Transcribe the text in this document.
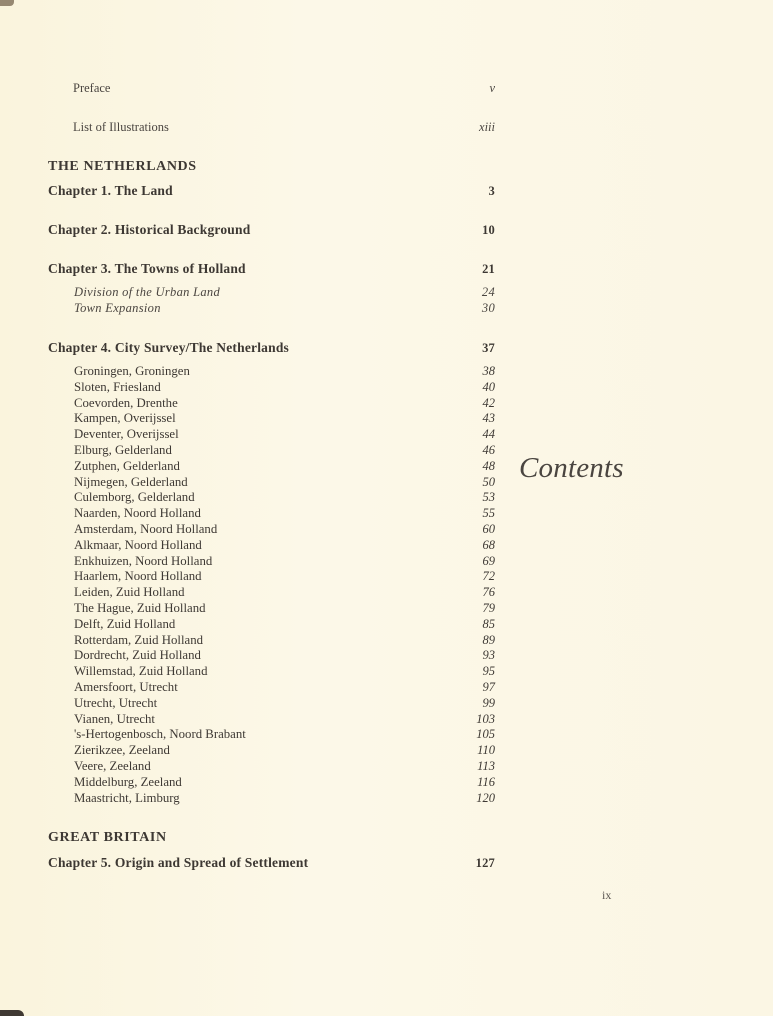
Preface	v
List of Illustrations	xiii
THE NETHERLANDS
Chapter 1. The Land	3
Chapter 2. Historical Background	10
Chapter 3. The Towns of Holland	21
Division of the Urban Land	24
Town Expansion	30
Chapter 4. City Survey/The Netherlands	37
Groningen, Groningen	38
Sloten, Friesland	40
Coevorden, Drenthe	42
Kampen, Overijssel	43
Deventer, Overijssel	44
Elburg, Gelderland	46
Zutphen, Gelderland	48
Nijmegen, Gelderland	50
Culemborg, Gelderland	53
Naarden, Noord Holland	55
Amsterdam, Noord Holland	60
Alkmaar, Noord Holland	68
Enkhuizen, Noord Holland	69
Haarlem, Noord Holland	72
Leiden, Zuid Holland	76
The Hague, Zuid Holland	79
Delft, Zuid Holland	85
Rotterdam, Zuid Holland	89
Dordrecht, Zuid Holland	93
Willemstad, Zuid Holland	95
Amersfoort, Utrecht	97
Utrecht, Utrecht	99
Vianen, Utrecht	103
's-Hertogenbosch, Noord Brabant	105
Zierikzee, Zeeland	110
Veere, Zeeland	113
Middelburg, Zeeland	116
Maastricht, Limburg	120
GREAT BRITAIN
Chapter 5. Origin and Spread of Settlement	127
Contents
ix
